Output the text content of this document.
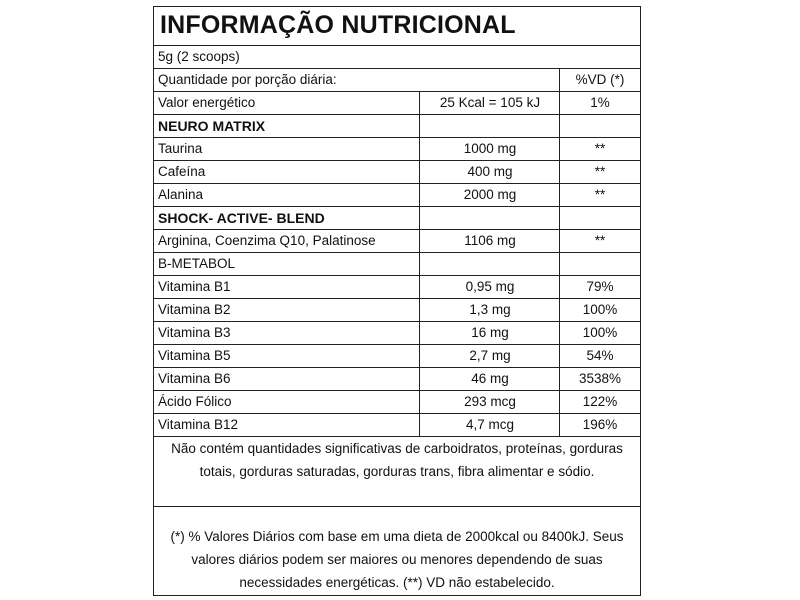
INFORMAÇÃO NUTRICIONAL
5g (2 scoops)
Quantidade por porção diária:	%VD (*)
Valor energético	25 Kcal = 105 kJ	1%
NEURO MATRIX
Taurina	1000 mg	**
Cafeína	400 mg	**
Alanina	2000 mg	**
SHOCK- ACTIVE- BLEND
Arginina, Coenzima Q10, Palatinose	1106 mg	**
B-METABOL
Vitamina B1	0,95 mg	79%
Vitamina B2	1,3 mg	100%
Vitamina B3	16 mg	100%
Vitamina B5	2,7 mg	54%
Vitamina B6	46 mg	3538%
Ácido Fólico	293 mcg	122%
Vitamina B12	4,7 mcg	196%
Não contém quantidades significativas de carboidratos, proteínas, gorduras totais, gorduras saturadas, gorduras trans, fibra alimentar e sódio.
(*) % Valores Diários com base em uma dieta de 2000kcal ou 8400kJ. Seus valores diários podem ser maiores ou menores dependendo de suas necessidades energéticas. (**) VD não estabelecido.
